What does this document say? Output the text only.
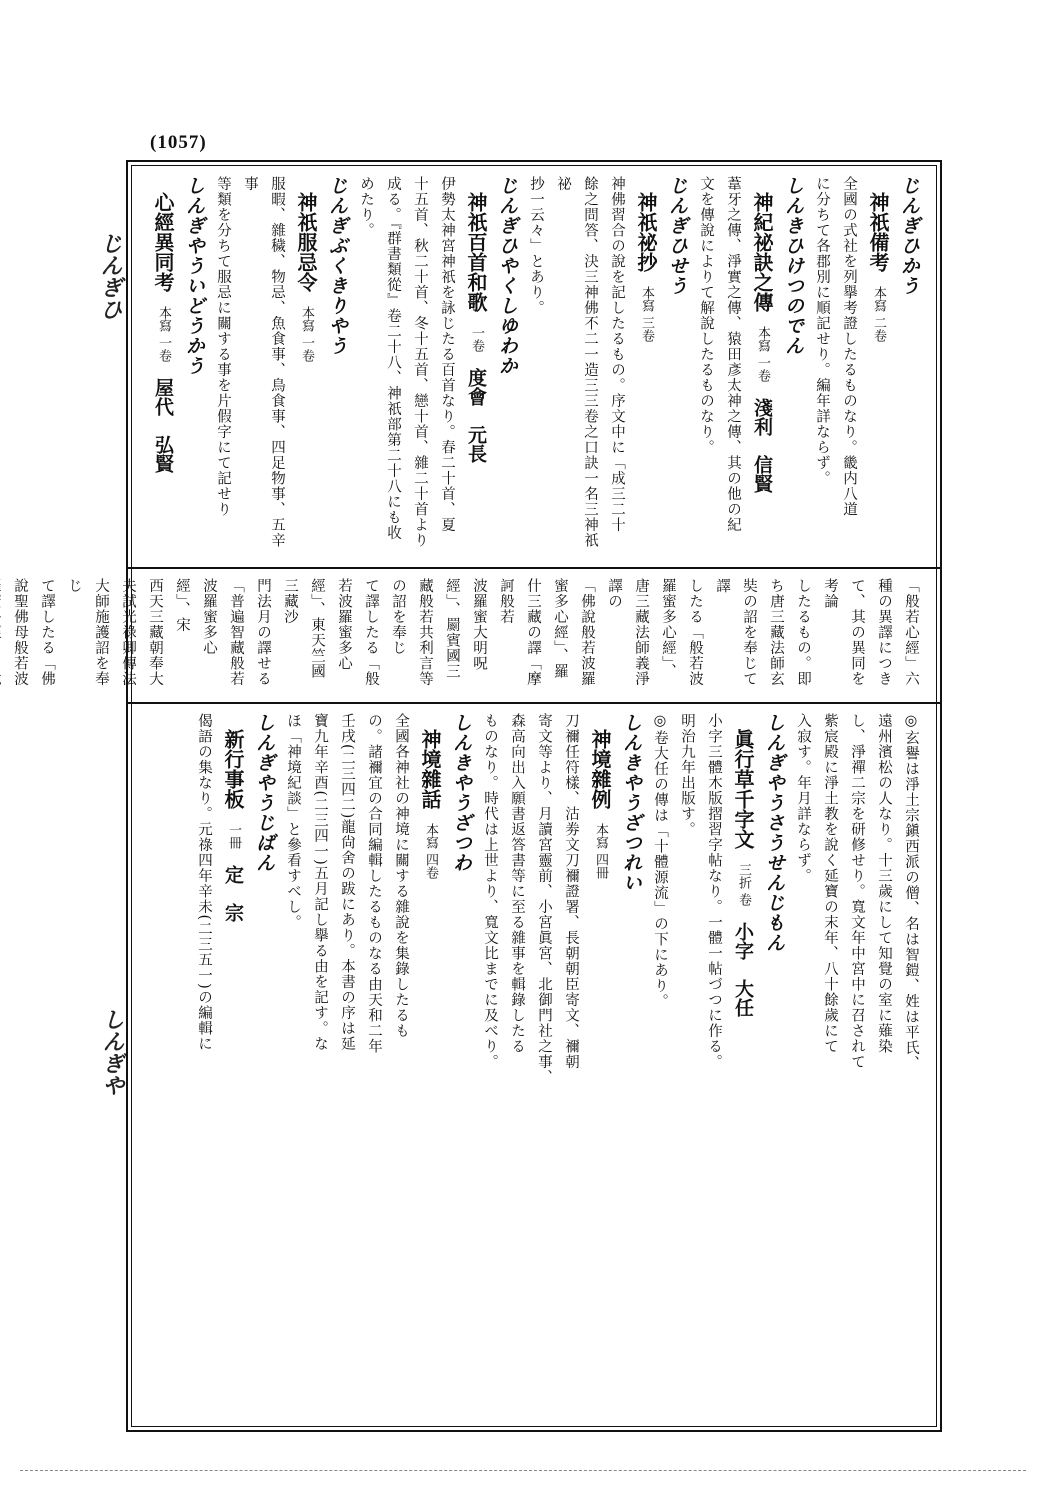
(1057)
じんぎひ
しんぎや
じんぎひかう
神祇備考本寫 二卷
全國の式社を列擧考證したるものなり。畿内八道
に分ちて各郡別に順記せり。編年詳ならず。
しんきひけつのでん
神紀祕訣之傳本寫 一卷淺利　信賢
葦牙之傳、淨實之傳、猿田彥太神之傳、其の他の紀
文を傳說によりて解說したるものなり。
じんぎひせう
神祇祕抄本寫 三卷
神佛習合の說を記したるもの。序文中に「成三二十
餘之問答、決三神佛不二一造三三卷之口訣一名三神祇祕
抄一云々」とあり。
じんぎひやくしゆわか
神祇百首和歌一卷度會　元長
伊勢太神宮神祇を詠じたる百首なり。春二十首、夏
十五首、秋二十首、冬十五首、戀十首、雜二十首より
成る。『群書類從』卷二十八、神祇部第二十八にも收
めたり。
じんぎぶくきりやう
神祇服忌令本寫 一卷
服暇、雜穢、物忌、魚食事、鳥食事、四足物事、五辛事
等類を分ちて服忌に關する事を片假字にて記せり
しんぎやういどうかう
心經異同考本寫 一卷屋代　弘賢
「般若心經」六種の異譯につきて、其の異同を考論
したるもの。即ち唐三藏法師玄奘の詔を奉じて譯
したる「般若波羅蜜多心經」、唐三藏法師義淨譯の
「佛說般若波羅蜜多心經」、羅什三藏の譯「摩訶般若
波羅蜜大明呪經」、罽賓國三藏般若共利言等の詔を奉じ
て譯したる「般若波羅蜜多心經」、東天竺國三藏沙
門法月の譯せる「普遍智藏般若波羅蜜多心經」、宋
西天三藏朝奉大夫試光祿卿傳法大師施護詔を奉じ
て譯したる「佛說聖佛母般若波
◎玄譽は淨土宗鎭西派の僧、名は智鎧、姓は平氏、
遠州濱松の人なり。十三歲にして知覺の室に薙染
し、淨禪二宗を研修せり。寬文年中宮中に召されて
紫宸殿に淨土教を說く延寶の末年、八十餘歲にて
入寂す。年月詳ならず。
しんぎやうさうせんじもん
眞行草千字文三折 卷小字　大任
小字三體木版摺習字帖なり。一體一帖づつに作る。
明治九年出版す。
◎卷大任の傳は「十體源流」の下にあり。
しんきやうざつれい
神境雜例本寫 四冊
刀禰任符樣、沽劵文刀禰證署、長朝朝臣寄文、禰朝
寄文等より、月讀宮靈前、小宮眞宮、北御門社之事、
森高向出入願書返答書等に至る雜事を輯錄したる
ものなり。時代は上世より、寬文比までに及べり。
しんきやうざつわ
神境雜話本寫 四卷
全國各神社の神境に關する雜說を集錄したるも
の。諸禰宜の合同編輯したるものなる由天和二年
壬戌(二三四二)龍尙舍の跋にあり。本書の序は延
寶九年辛酉(二三四一)五月記し擧る由を記す。な
ほ「神境紀談」と參看すべし。
しんぎやうじばん
新行事板一冊定　宗
偈語の集なり。元祿四年辛未(二三五一)の編輯に
